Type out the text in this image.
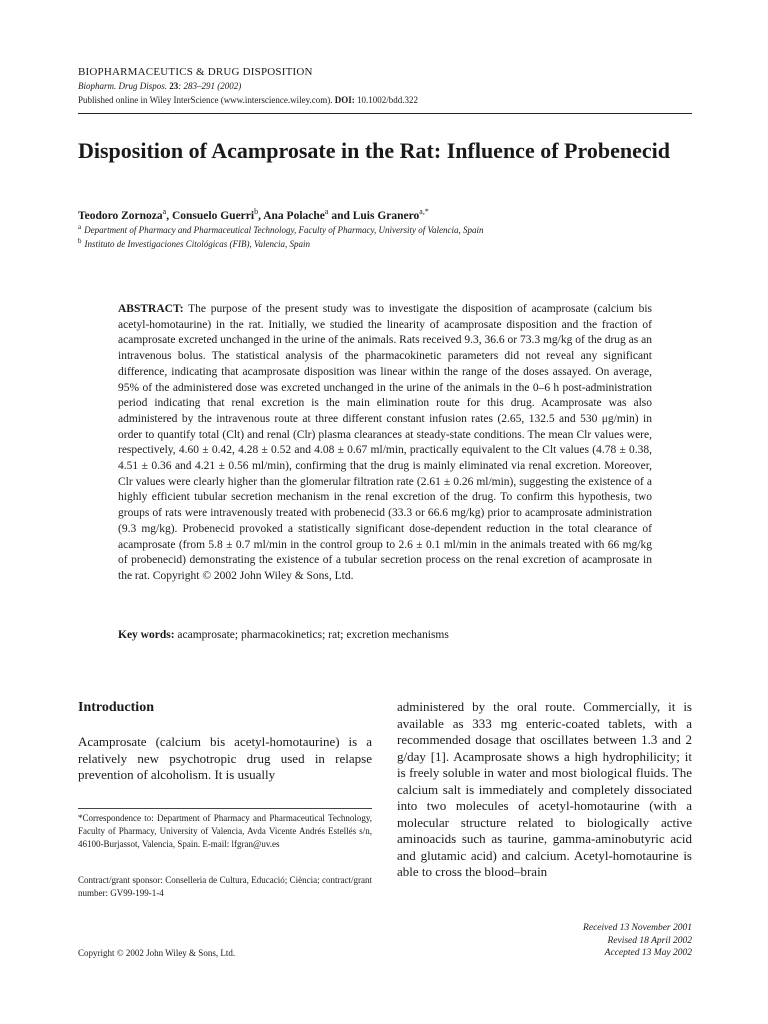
BIOPHARMACEUTICS & DRUG DISPOSITION
Biopharm. Drug Dispos. 23: 283–291 (2002)
Published online in Wiley InterScience (www.interscience.wiley.com). DOI: 10.1002/bdd.322
Disposition of Acamprosate in the Rat: Influence of Probenecid
Teodoro Zornoza$^a$, Consuelo Guerri$^b$, Ana Polache$^a$ and Luis Granero$^{a,*}$
$^a$ Department of Pharmacy and Pharmaceutical Technology, Faculty of Pharmacy, University of Valencia, Spain
$^b$ Instituto de Investigaciones Citológicas (FIB), Valencia, Spain

ABSTRACT: The purpose of the present study was to investigate the disposition of acamprosate (calcium bis acetyl-homotaurine) in the rat. Initially, we studied the linearity of acamprosate disposition and the fraction of acamprosate excreted unchanged in the urine of the animals. Rats received 9.3, 36.6 or 73.3 mg/kg of the drug as an intravenous bolus. The statistical analysis of the pharmacokinetic parameters did not reveal any significant difference, indicating that acamprosate disposition was linear within the range of the doses assayed. On average, 95% of the administered dose was excreted unchanged in the urine of the animals in the 0–6 h post-administration period indicating that renal excretion is the main elimination route for this drug. Acamprosate was also administered by the intravenous route at three different constant infusion rates (2.65, 132.5 and 530 μg/min) in order to quantify total (Clt) and renal (Clr) plasma clearances at steady-state conditions. The mean Clr values were, respectively, 4.60 ± 0.42, 4.28 ± 0.52 and 4.08 ± 0.67 ml/min, practically equivalent to the Clt values (4.78 ± 0.38, 4.51 ± 0.36 and 4.21 ± 0.56 ml/min), confirming that the drug is mainly eliminated via renal excretion. Moreover, Clr values were clearly higher than the glomerular filtration rate (2.61 ± 0.26 ml/min), suggesting the existence of a highly efficient tubular secretion mechanism in the renal excretion of the drug. To confirm this hypothesis, two groups of rats were intravenously treated with probenecid (33.3 or 66.6 mg/kg) prior to acamprosate administration (9.3 mg/kg). Probenecid provoked a statistically significant dose-dependent reduction in the total clearance of acamprosate (from 5.8 ± 0.7 ml/min in the control group to 2.6 ± 0.1 ml/min in the animals treated with 66 mg/kg of probenecid) demonstrating the existence of a tubular secretion process on the renal excretion of acamprosate in the rat. Copyright © 2002 John Wiley & Sons, Ltd.

Key words: acamprosate; pharmacokinetics; rat; excretion mechanisms
Introduction

Acamprosate (calcium bis acetyl-homotaurine) is a relatively new psychotropic drug used in relapse prevention of alcoholism. It is usually

administered by the oral route. Commercially, it is available as 333 mg enteric-coated tablets, with a recommended dosage that oscillates between 1.3 and 2 g/day [1]. Acamprosate shows a high hydrophilicity; it is freely soluble in water and most biological fluids. The calcium salt is immediately and completely dissociated into two molecules of acetyl-homotaurine (with a molecular structure related to biologically active aminoacids such as taurine, gamma-aminobutyric acid and glutamic acid) and calcium. Acetyl-homotaurine is able to cross the blood–brain

*Correspondence to: Department of Pharmacy and Pharmaceutical Technology, Faculty of Pharmacy, University of Valencia, Avda Vicente Andrés Estellés s/n, 46100-Burjassot, Valencia, Spain. E-mail: lfgran@uv.es

Contract/grant sponsor: Conselleria de Cultura, Educació; Ciència; contract/grant number: GV99-199-1-4

Received 13 November 2001
Revised 18 April 2002
Accepted 13 May 2002
Copyright © 2002 John Wiley & Sons, Ltd.
